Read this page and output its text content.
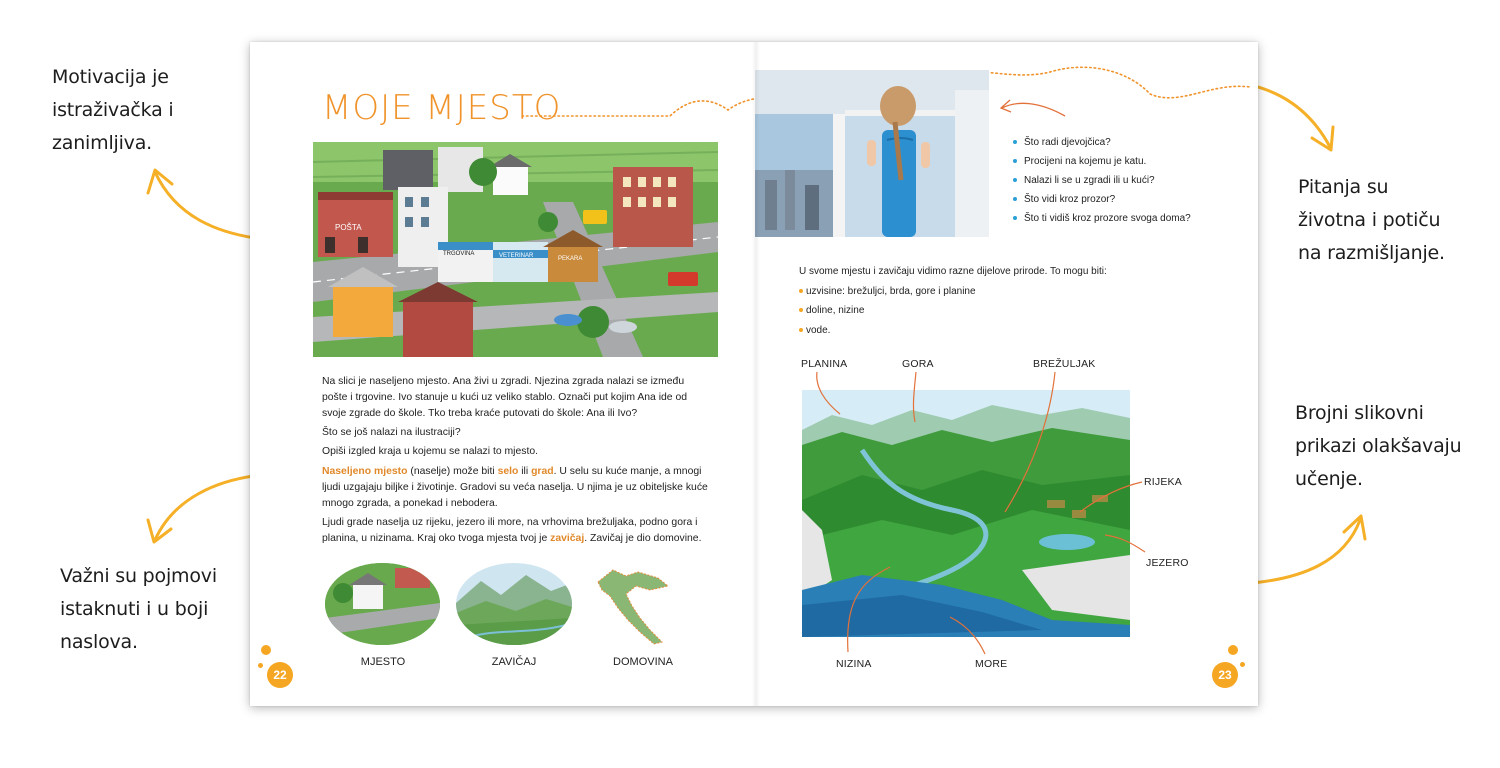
Motivacija je
istraživačka i
zanimljiva.
Pitanja su
životna i potiču
na razmišljanje.
Važni su pojmovi
istaknuti i u boji
naslova.
Brojni slikovni
prikazi olakšavaju
učenje.
MOJE MJESTO
POŠTA
TRGOVINA	VETERINAR	PEKARA

Na slici je naseljeno mjesto. Ana živi u zgradi. Njezina zgrada nalazi se između pošte i trgovine. Ivo stanuje u kući uz veliko stablo. Označi put kojim Ana ide od svoje zgrade do škole. Tko treba kraće putovati do škole: Ana ili Ivo?

Što se još nalazi na ilustraciji?

Opiši izgled kraja u kojemu se nalazi to mjesto.

Naseljeno mjesto (naselje) može biti selo ili grad. U selu su kuće manje, a mnogi ljudi uzgajaju biljke i životinje. Gradovi su veća naselja. U njima je uz obiteljske kuće mnogo zgrada, a ponekad i nebodera.

Ljudi grade naselja uz rijeku, jezero ili more, na vrhovima brežuljaka, podno gora i planina, u nizinama. Kraj oko tvoga mjesta tvoj je zavičaj. Zavičaj je dio domovine.

MJESTO	ZAVIČAJ	DOMOVINA
22
Što radi djevojčica?
Procijeni na kojemu je katu.
Nalazi li se u zgradi ili u kući?
Što vidi kroz prozor?
Što ti vidiš kroz prozore svoga doma?
U svome mjestu i zavičaju vidimo razne dijelove prirode. To mogu biti:
uzvisine: brežuljci, brda, gore i planine
doline, nizine
vode.
PLANINA	GORA	BREŽULJAK
RIJEKA
JEZERO
NIZINA	MORE
23
